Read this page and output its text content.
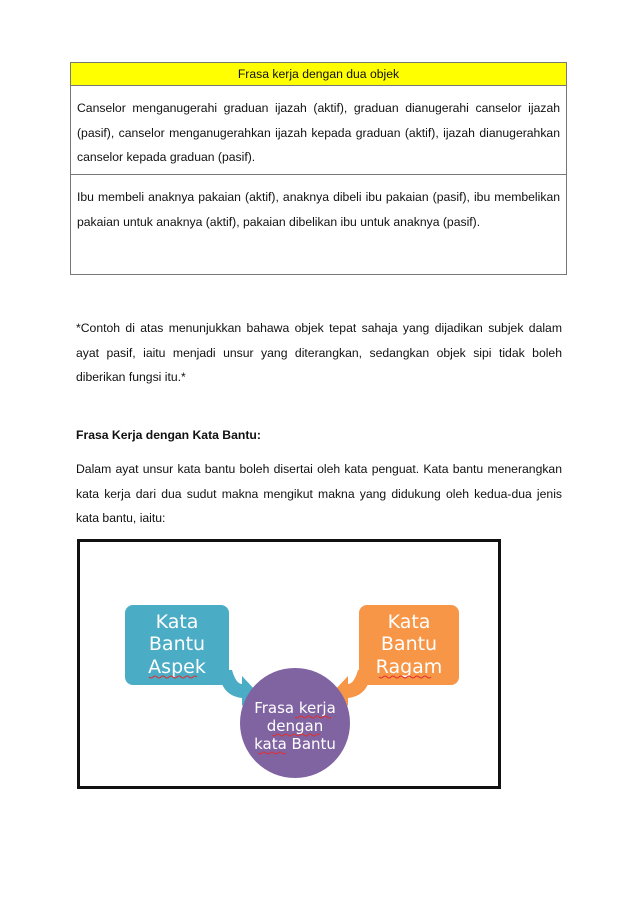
Frasa kerja dengan dua objek
Canselor menganugerahi graduan ijazah (aktif), graduan dianugerahi canselor ijazah (pasif), canselor menganugerahkan ijazah kepada graduan (aktif), ijazah dianugerahkan canselor kepada graduan (pasif).
Ibu membeli anaknya pakaian (aktif), anaknya dibeli ibu pakaian (pasif), ibu membelikan pakaian untuk anaknya (aktif), pakaian dibelikan ibu untuk anaknya (pasif).

*Contoh di atas menunjukkan bahawa objek tepat sahaja yang dijadikan subjek dalam ayat pasif, iaitu menjadi unsur yang diterangkan, sedangkan objek sipi tidak boleh diberikan fungsi itu.*

Frasa Kerja dengan Kata Bantu:

Dalam ayat unsur kata bantu boleh disertai oleh kata penguat. Kata bantu menerangkan kata kerja dari dua sudut makna mengikut makna yang didukung oleh kedua-dua jenis kata bantu, iaitu:

Kata
Bantu
Aspek
Kata
Bantu
Ragam
Frasa kerja
dengan
kata Bantu
